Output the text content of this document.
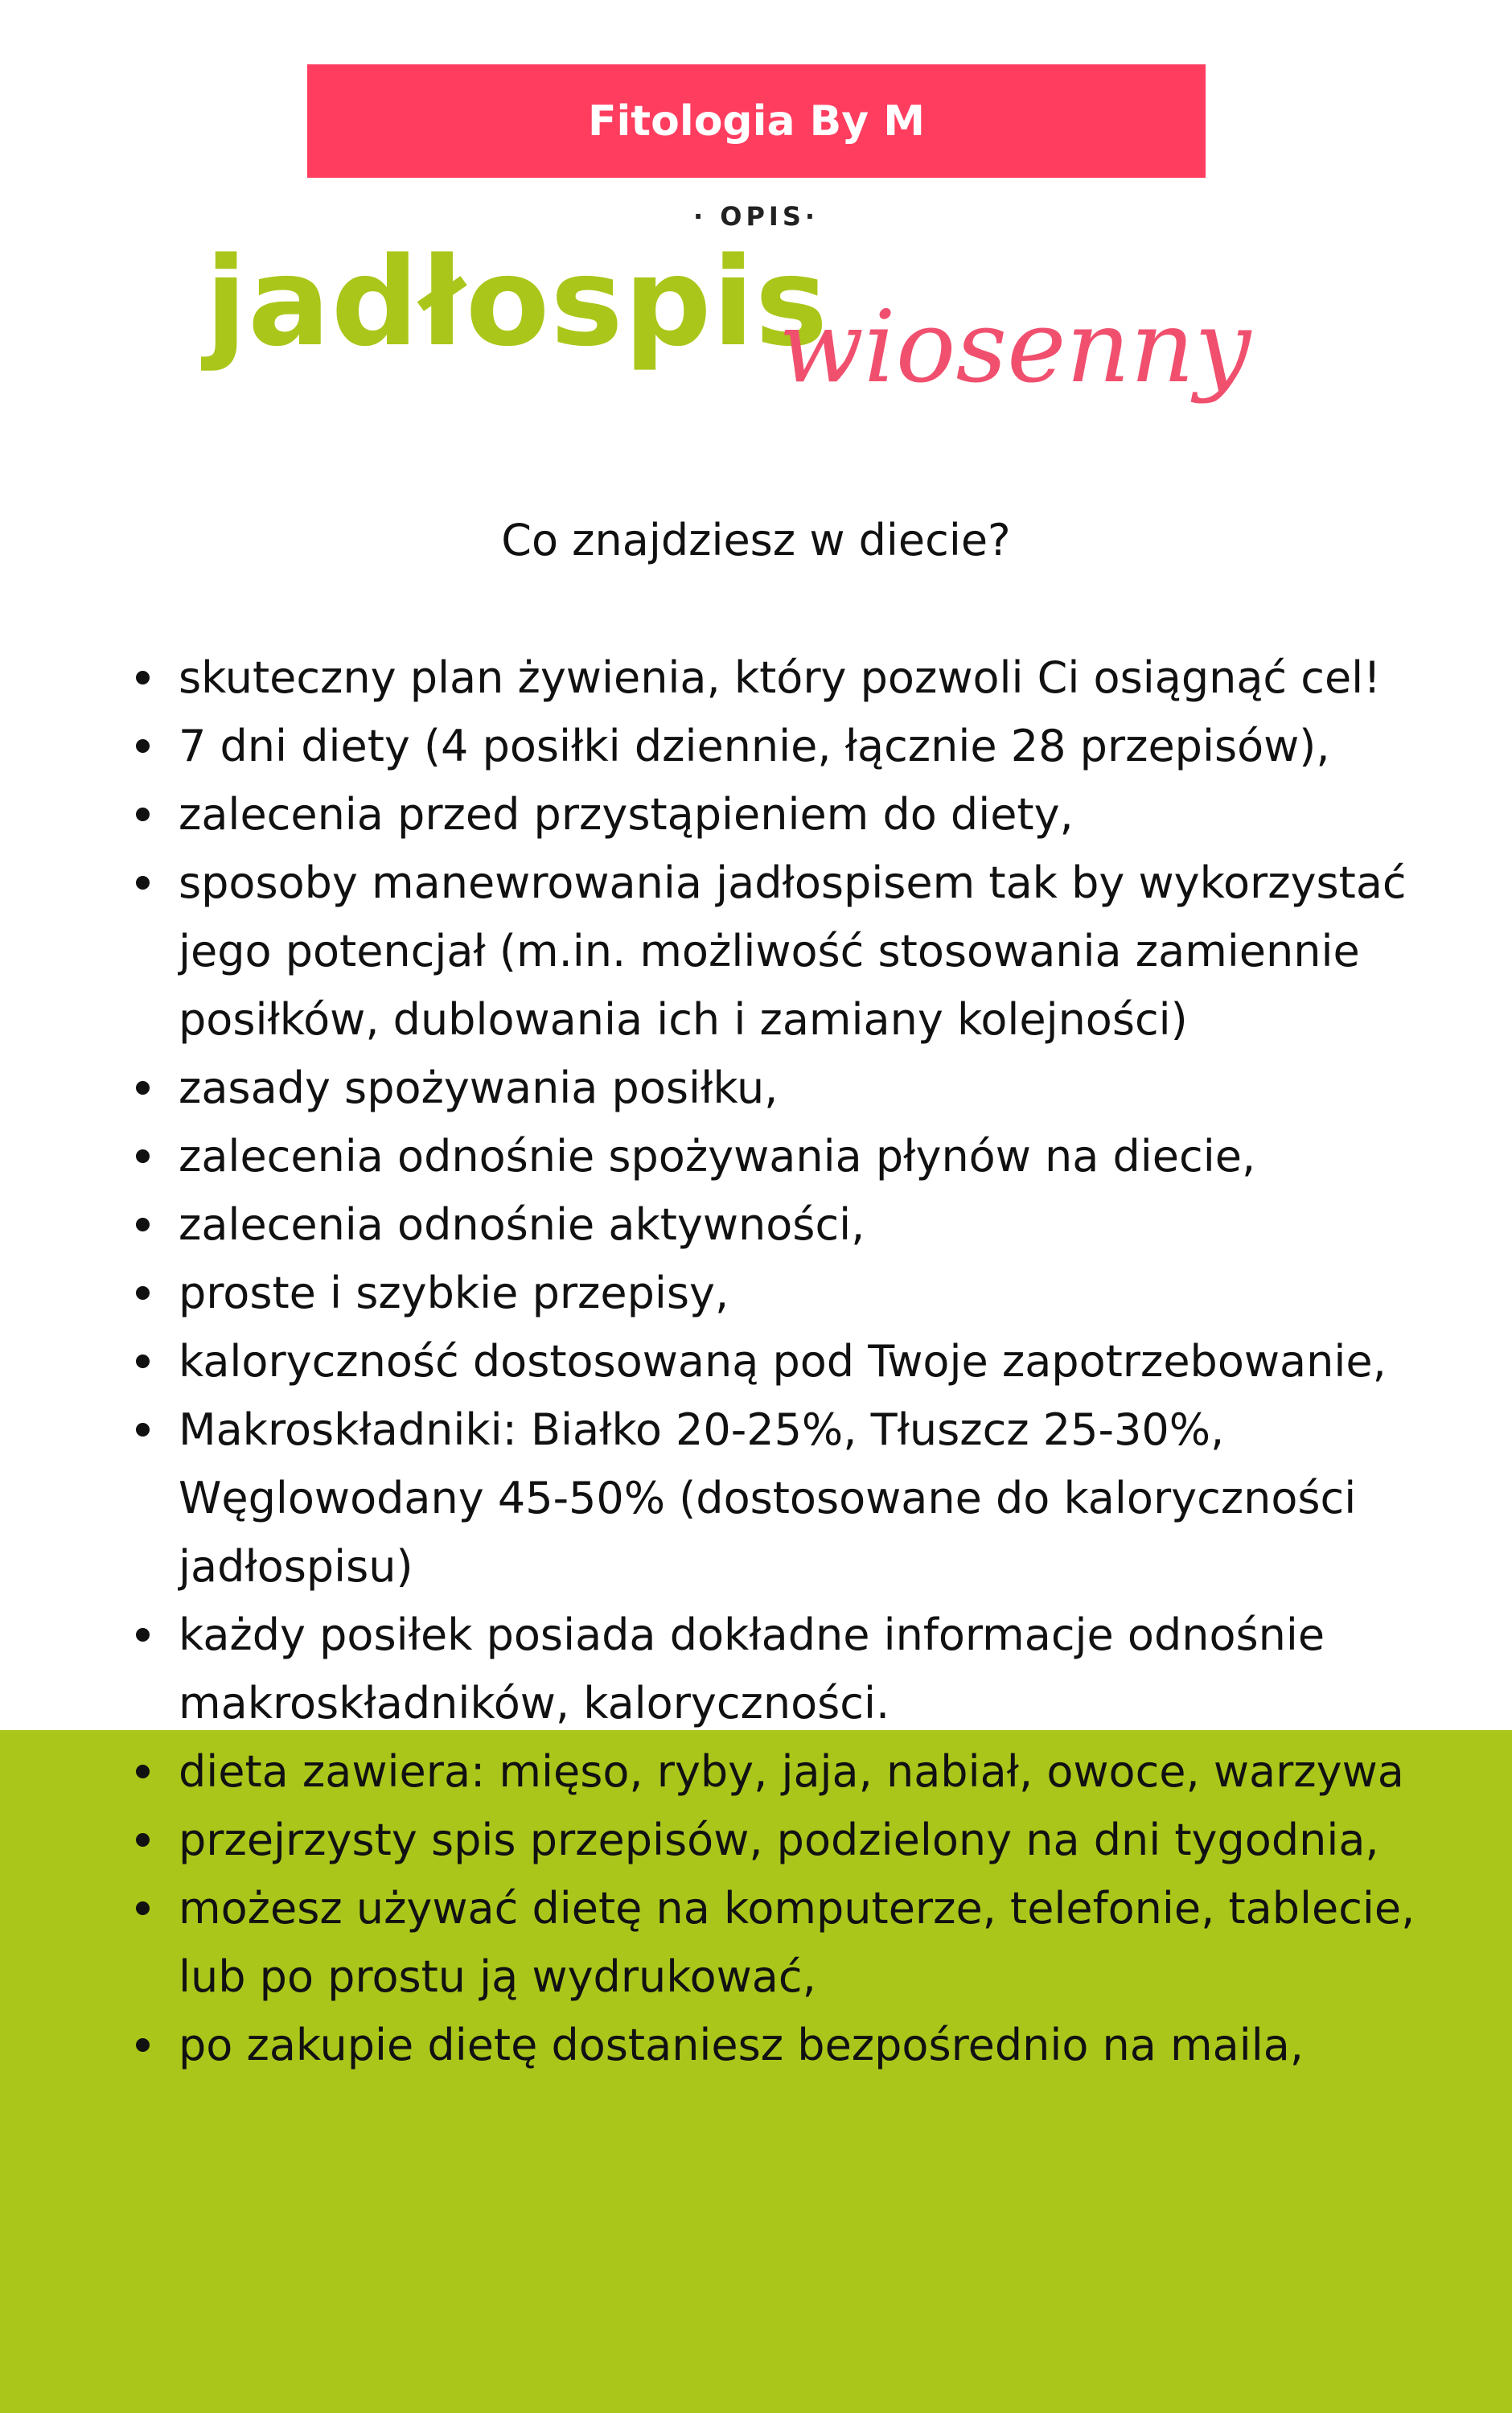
Fitologia By M
· OPIS·
jadłospis
wiosenny
Co znajdziesz w diecie?
skuteczny plan żywienia, który pozwoli Ci osiągnąć cel!
7 dni diety (4 posiłki dziennie, łącznie 28 przepisów),
zalecenia przed przystąpieniem do diety,
sposoby manewrowania jadłospisem tak by wykorzystać jego potencjał (m.in. możliwość stosowania zamiennie posiłków, dublowania ich i zamiany kolejności)
zasady spożywania posiłku,
zalecenia odnośnie spożywania płynów na diecie,
zalecenia odnośnie aktywności,
proste i szybkie przepisy,
kaloryczność dostosowaną pod Twoje zapotrzebowanie,
Makroskładniki: Białko 20-25%, Tłuszcz 25-30%, Węglowodany 45-50% (dostosowane do kaloryczności jadłospisu)
każdy posiłek posiada dokładne informacje odnośnie makroskładników, kaloryczności.
dieta zawiera: mięso, ryby, jaja, nabiał, owoce, warzywa
przejrzysty spis przepisów, podzielony na dni tygodnia,
możesz używać dietę na komputerze, telefonie, tablecie, lub po prostu ją wydrukować,
po zakupie dietę dostaniesz bezpośrednio na maila,
